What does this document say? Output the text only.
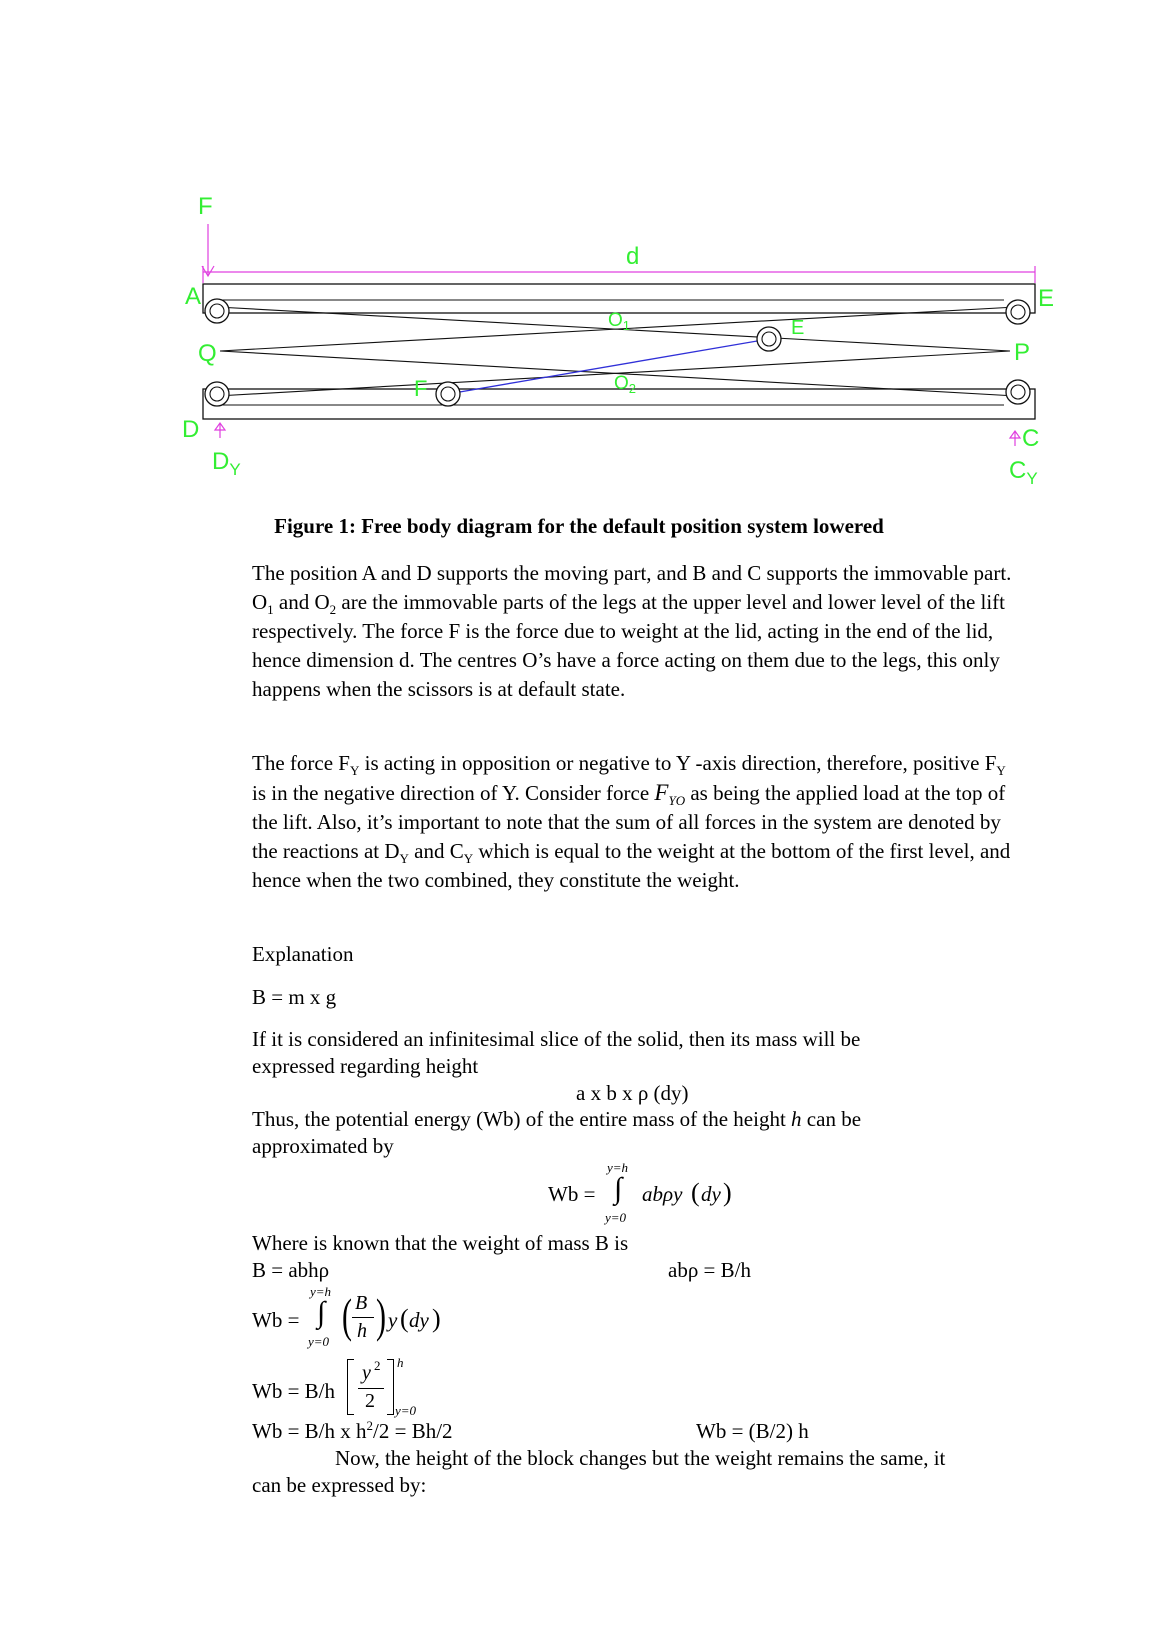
F
d
A	E
$O_1$	E
Q	P
F	$O_2$
D
$D_Y$
C
$C_Y$
Figure 1: Free body diagram for the default position system lowered

The position A and D supports the moving part, and B and C supports the immovable part. $O_1$ and $O_2$ are the immovable parts of the legs at the upper level and lower level of the lift respectively. The force F is the force due to weight at the lid, acting in the end of the lid, hence dimension d. The centres O’s have a force acting on them due to the legs, this only happens when the scissors is at default state.

The force $F_Y$ is acting in opposition or negative to Y -axis direction, therefore, positive $F_Y$ is in the negative direction of Y. Consider force $F_{YO}$ as being the applied load at the top of the lift. Also, it’s important to note that the sum of all forces in the system are denoted by the reactions at $D_Y$ and $C_Y$ which is equal to the weight at the bottom of the first level, and hence when the two combined, they constitute the weight.

Explanation
B = m x g
If it is considered an infinitesimal slice of the solid, then its mass will be
expressed regarding height
a x b x ρ (dy)
Thus, the potential energy (Wb) of the entire mass of the height h can be
approximated by
Wb =
y=h
∫
y=0
abρy ( dy )
Where is known that the weight of mass B is
B = abhρ	abρ = B/h
Wb =
y=h
∫
y=0 ( B
h ) y ( dy )
Wb = B/h
y 2
2
h
y=0
Wb = B/h x $h^2/2 = Bh/2$	Wb = (B/2) h
Now, the height of the block changes but the weight remains the same, it
can be expressed by:
